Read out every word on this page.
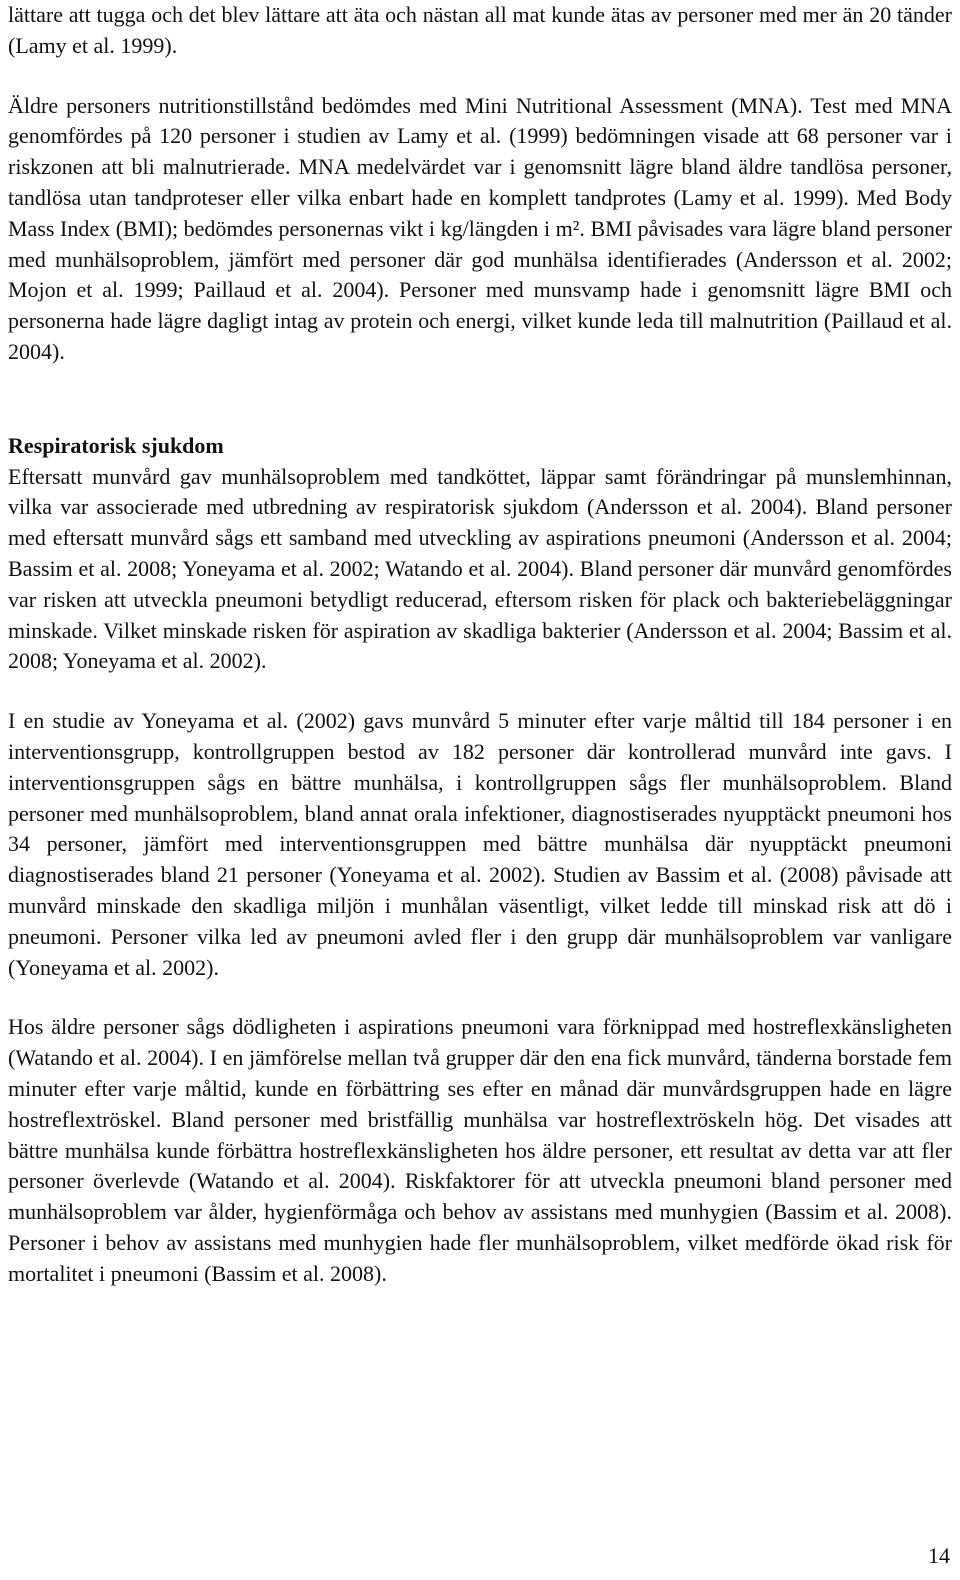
lättare att tugga och det blev lättare att äta och nästan all mat kunde ätas av personer med mer än 20 tänder (Lamy et al. 1999).

Äldre personers nutritionstillstånd bedömdes med Mini Nutritional Assessment (MNA). Test med MNA genomfördes på 120 personer i studien av Lamy et al. (1999) bedömningen visade att 68 personer var i riskzonen att bli malnutrierade. MNA medelvärdet var i genomsnitt lägre bland äldre tandlösa personer, tandlösa utan tandproteser eller vilka enbart hade en komplett tandprotes (Lamy et al. 1999). Med Body Mass Index (BMI); bedömdes personernas vikt i kg/längden i m². BMI påvisades vara lägre bland personer med munhälsoproblem, jämfört med personer där god munhälsa identifierades (Andersson et al. 2002; Mojon et al. 1999; Paillaud et al. 2004). Personer med munsvamp hade i genomsnitt lägre BMI och personerna hade lägre dagligt intag av protein och energi, vilket kunde leda till malnutrition (Paillaud et al. 2004).

Respiratorisk sjukdom

Eftersatt munvård gav munhälsoproblem med tandköttet, läppar samt förändringar på munslemhinnan, vilka var associerade med utbredning av respiratorisk sjukdom (Andersson et al. 2004). Bland personer med eftersatt munvård sågs ett samband med utveckling av aspirations pneumoni (Andersson et al. 2004; Bassim et al. 2008; Yoneyama et al. 2002; Watando et al. 2004). Bland personer där munvård genomfördes var risken att utveckla pneumoni betydligt reducerad, eftersom risken för plack och bakteriebeläggningar minskade. Vilket minskade risken för aspiration av skadliga bakterier (Andersson et al. 2004; Bassim et al. 2008; Yoneyama et al. 2002).

I en studie av Yoneyama et al. (2002) gavs munvård 5 minuter efter varje måltid till 184 personer i en interventionsgrupp, kontrollgruppen bestod av 182 personer där kontrollerad munvård inte gavs. I interventionsgruppen sågs en bättre munhälsa, i kontrollgruppen sågs fler munhälsoproblem. Bland personer med munhälsoproblem, bland annat orala infektioner, diagnostiserades nyupptäckt pneumoni hos 34 personer, jämfört med interventionsgruppen med bättre munhälsa där nyupptäckt pneumoni diagnostiserades bland 21 personer (Yoneyama et al. 2002). Studien av Bassim et al. (2008) påvisade att munvård minskade den skadliga miljön i munhålan väsentligt, vilket ledde till minskad risk att dö i pneumoni. Personer vilka led av pneumoni avled fler i den grupp där munhälsoproblem var vanligare (Yoneyama et al. 2002).

Hos äldre personer sågs dödligheten i aspirations pneumoni vara förknippad med hostreflexkänsligheten (Watando et al. 2004). I en jämförelse mellan två grupper där den ena fick munvård, tänderna borstade fem minuter efter varje måltid, kunde en förbättring ses efter en månad där munvårdsgruppen hade en lägre hostreflextröskel. Bland personer med bristfällig munhälsa var hostreflextröskeln hög. Det visades att bättre munhälsa kunde förbättra hostreflexkänsligheten hos äldre personer, ett resultat av detta var att fler personer överlevde (Watando et al. 2004). Riskfaktorer för att utveckla pneumoni bland personer med munhälsoproblem var ålder, hygienförmåga och behov av assistans med munhygien (Bassim et al. 2008). Personer i behov av assistans med munhygien hade fler munhälsoproblem, vilket medförde ökad risk för mortalitet i pneumoni (Bassim et al. 2008).

14
